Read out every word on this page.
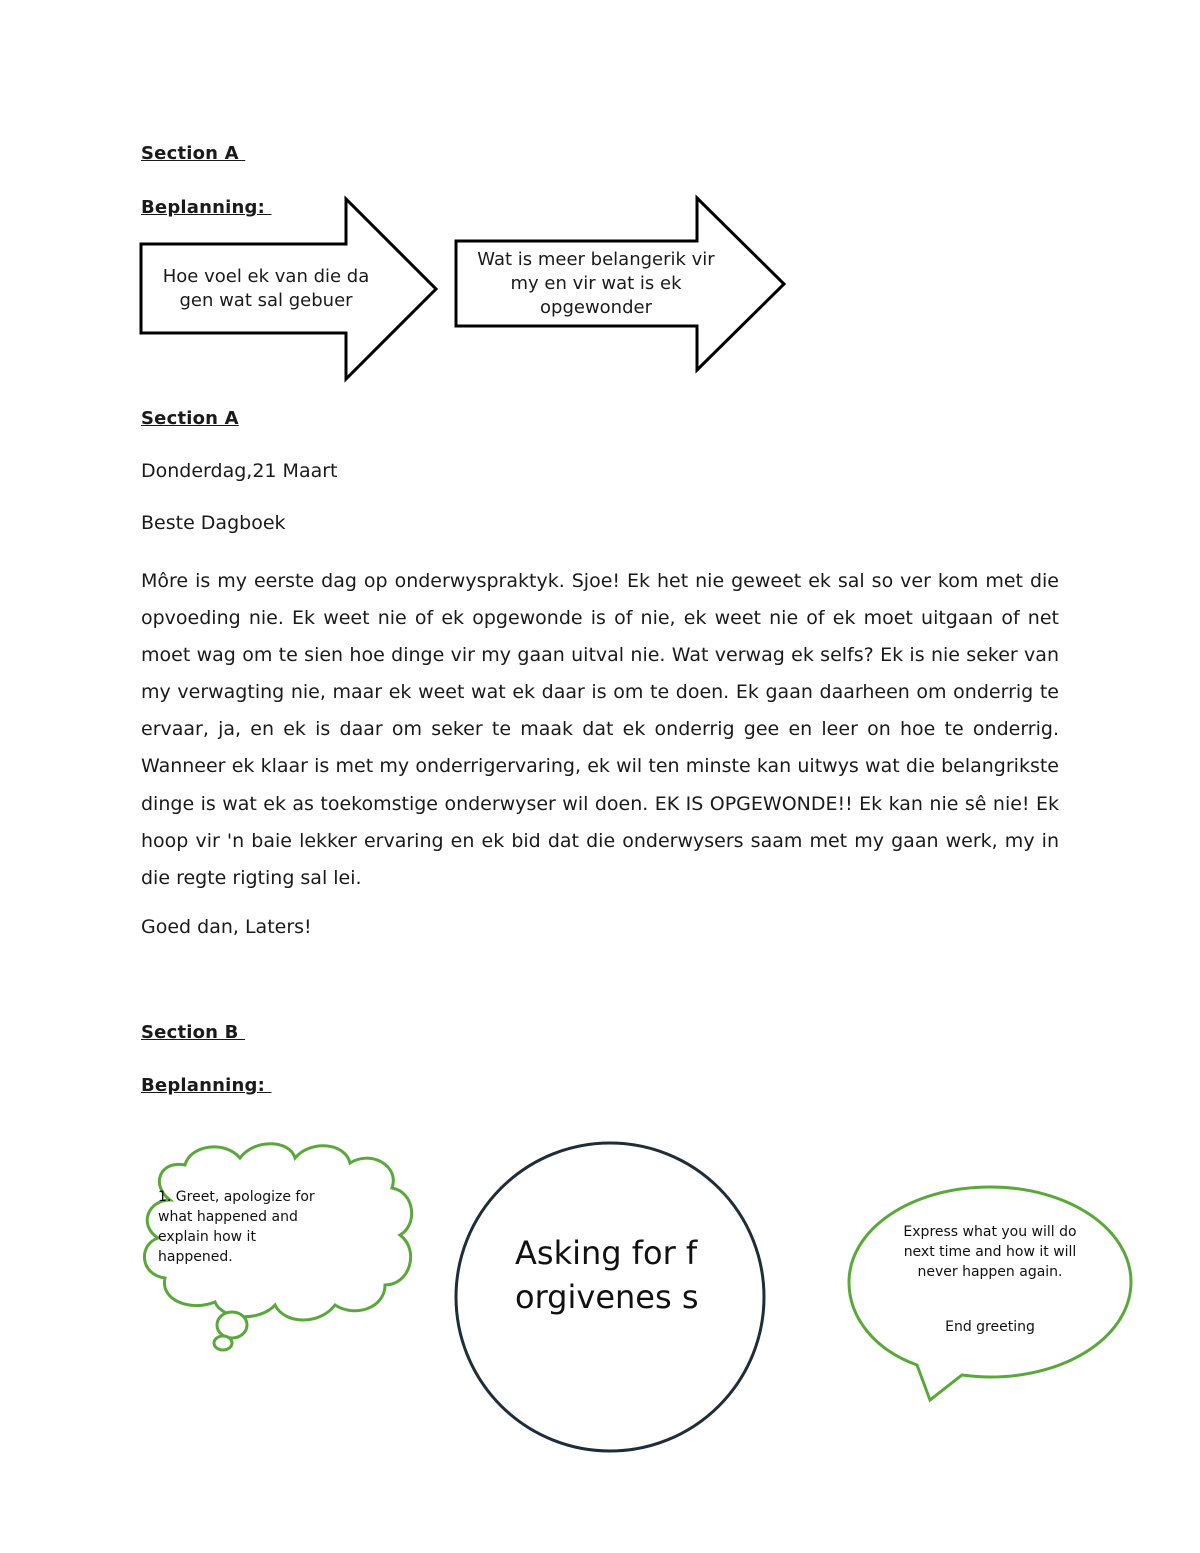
Section A
Beplanning:
Hoe voel ek van die da gen wat sal gebuer
Wat is meer belangerik vir my en vir wat is ek opgewonder
Section A
Donderdag,21 Maart
Beste Dagboek

Môre is my eerste dag op onderwyspraktyk. Sjoe! Ek het nie geweet ek sal so ver kom met die opvoeding nie. Ek weet nie of ek opgewonde is of nie, ek weet nie of ek moet uitgaan of net moet wag om te sien hoe dinge vir my gaan uitval nie. Wat verwag ek selfs? Ek is nie seker van my verwagting nie, maar ek weet wat ek daar is om te doen. Ek gaan daarheen om onderrig te ervaar, ja, en ek is daar om seker te maak dat ek onderrig gee en leer on hoe te onderrig. Wanneer ek klaar is met my onderrigervaring, ek wil ten minste kan uitwys wat die belangrikste dinge is wat ek as toekomstige onderwyser wil doen. EK IS OPGEWONDE!! Ek kan nie sê nie! Ek hoop vir 'n baie lekker ervaring en ek bid dat die onderwysers saam met my gaan werk, my in die regte rigting sal lei.

Goed dan, Laters!
Section B
Beplanning:
1. Greet, apologize for what happened and explain how it happened.	Asking for forgivenes s
Express what you will do next time and how it will never happen again.
End greeting
